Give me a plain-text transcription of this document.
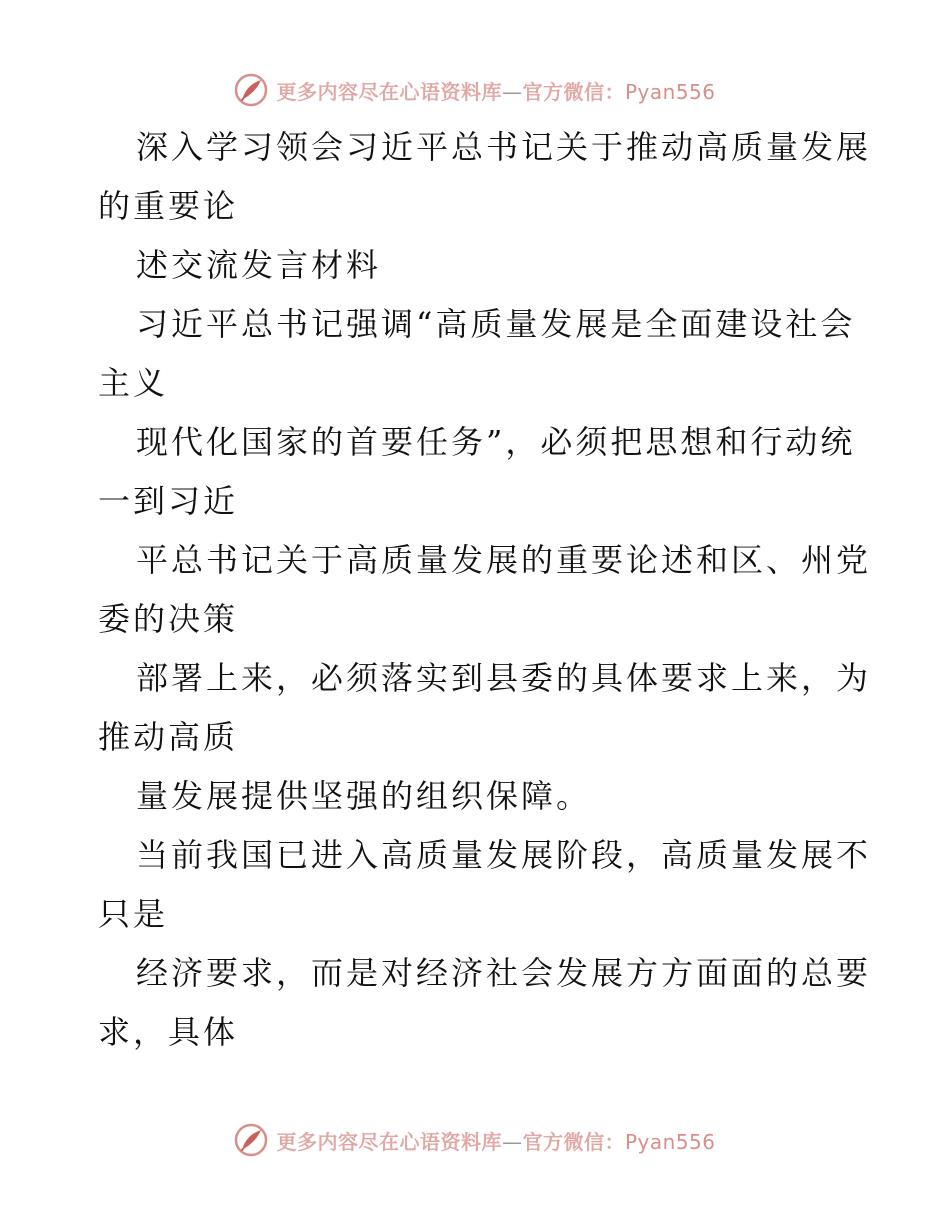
更多内容尽在心语资料库—官方微信：Pyan556
深入学习领会习近平总书记关于推动高质量发展
的重要论
述交流发言材料
习近平总书记强调“高质量发展是全面建设社会
主义
现代化国家的首要任务”，必须把思想和行动统
一到习近
平总书记关于高质量发展的重要论述和区、州党
委的决策
部署上来，必须落实到县委的具体要求上来，为
推动高质
量发展提供坚强的组织保障。
当前我国已进入高质量发展阶段，高质量发展不
只是
经济要求，而是对经济社会发展方方面面的总要
求，具体
更多内容尽在心语资料库—官方微信：Pyan556
